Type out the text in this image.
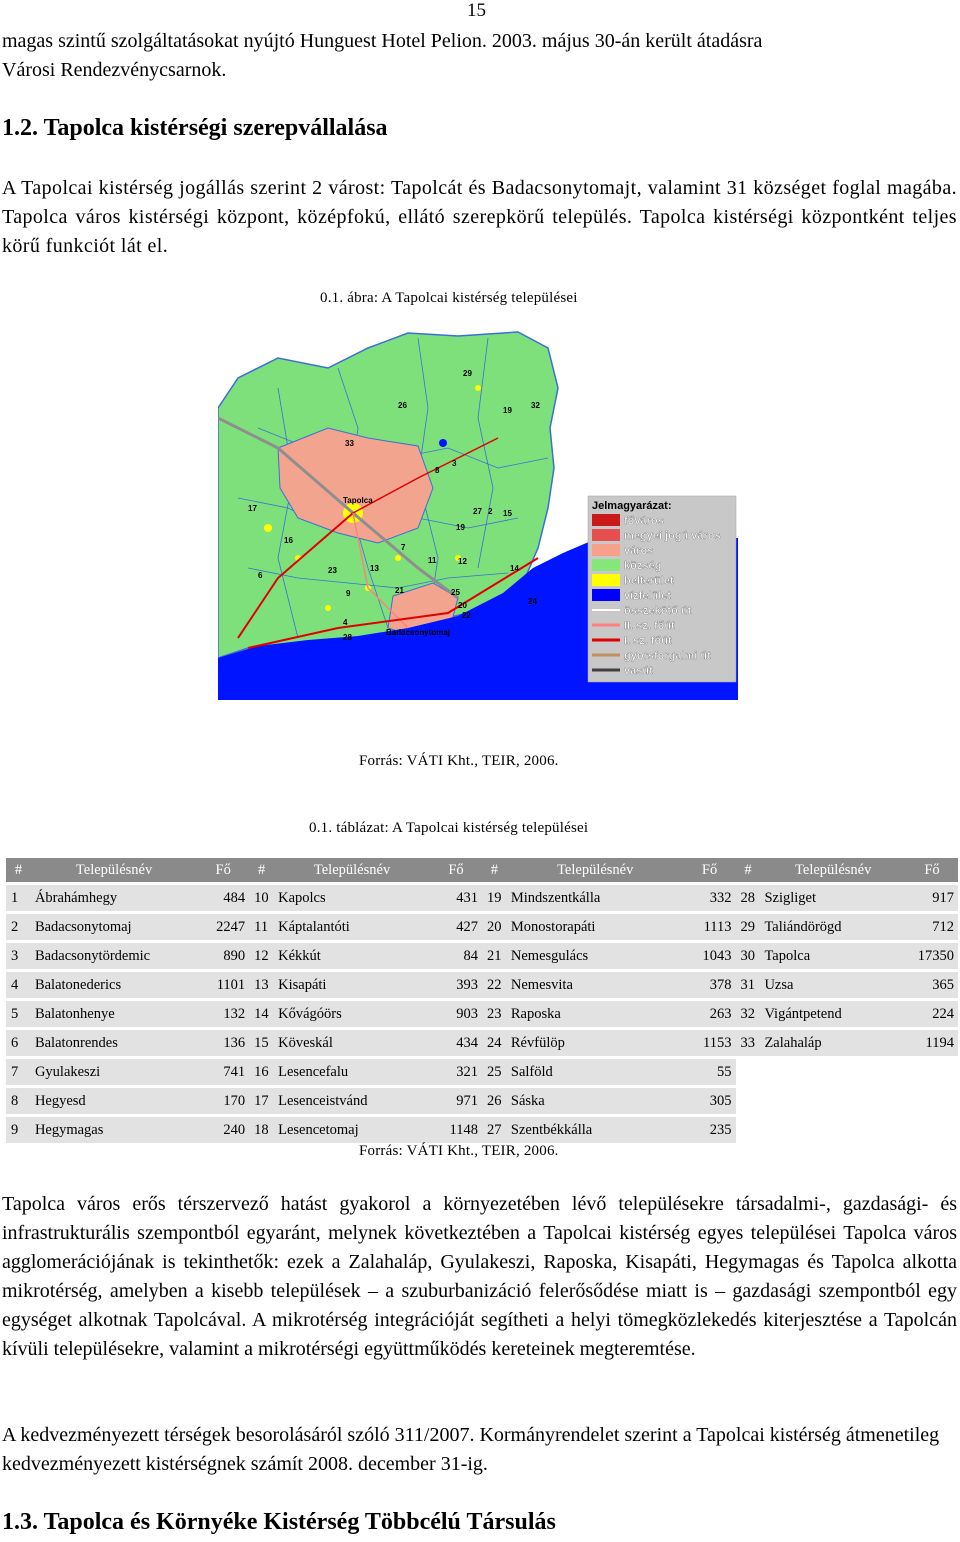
15
magas szintű szolgáltatásokat nyújtó Hunguest Hotel Pelion. 2003. május 30-án került átadásra
Városi Rendezvénycsarnok.
1.2. Tapolca kistérségi szerepvállalása
A Tapolcai kistérség jogállás szerint 2 várost: Tapolcát és Badacsonytomajt, valamint 31 községet foglal magába. Tapolca város kistérségi központ, középfokú, ellátó szerepkörű település. Tapolca kistérségi központként teljes körű funkciót lát el.
0.1. ábra: A Tapolcai kistérség települései
29
26
19
32
33
3
8
17	27 2 15
16
19
7
11	12
23	13	14
9	21	25
24
4
20
6
22
28
Tapolca
Badacsonytomaj
Jelmagyarázat:
főváros
megyei jogú város
város
község
belterület
vízfelület
összekötő út
II. sz. főút
I. sz. főút
gyorsforgalmi út
vasút
Forrás: VÁTI Kht., TEIR, 2006.
0.1. táblázat: A Tapolcai kistérség települései
#	Településnév	Fő	#	Településnév	Fő	#	Településnév	Fő	#	Településnév	Fő
1	Ábrahámhegy	484	10	Kapolcs	431	19	Mindszentkálla	332	28	Szigliget	917
2	Badacsonytomaj	2247	11	Káptalantóti	427	20	Monostorapáti	1113	29	Taliándörögd	712
3	Badacsonytördemic	890	12	Kékkút	84	21	Nemesgulács	1043	30	Tapolca	17350
4	Balatonederics	1101	13	Kisapáti	393	22	Nemesvita	378	31	Uzsa	365
5	Balatonhenye	132	14	Kővágóörs	903	23	Raposka	263	32	Vigántpetend	224
6	Balatonrendes	136	15	Köveskál	434	24	Révfülöp	1153	33	Zalahaláp	1194
7	Gyulakeszi	741	16	Lesencefalu	321	25	Salföld	55			
8	Hegyesd	170	17	Lesenceistvánd	971	26	Sáska	305			
9	Hegymagas	240	18	Lesencetomaj	1148	27	Szentbékkálla	235			
Forrás: VÁTI Kht., TEIR, 2006.
Tapolca város erős térszervező hatást gyakorol a környezetében lévő településekre társadalmi-, gazdasági- és infrastrukturális szempontból egyaránt, melynek következtében a Tapolcai kistérség egyes települései Tapolca város agglomerációjának is tekinthetők: ezek a Zalahaláp, Gyulakeszi, Raposka, Kisapáti, Hegymagas és Tapolca alkotta mikrotérség, amelyben a kisebb települések – a szuburbanizáció felerősődése miatt is – gazdasági szempontból egy egységet alkotnak Tapolcával. A mikrotérség integrációját segítheti a helyi tömegközlekedés kiterjesztése a Tapolcán kívüli településekre, valamint a mikrotérségi együttműködés kereteinek megteremtése.
A kedvezményezett térségek besorolásáról szóló 311/2007. Kormányrendelet szerint a Tapolcai kistérség átmenetileg kedvezményezett kistérségnek számít 2008. december 31-ig.
1.3. Tapolca és Környéke Kistérség Többcélú Társulás
